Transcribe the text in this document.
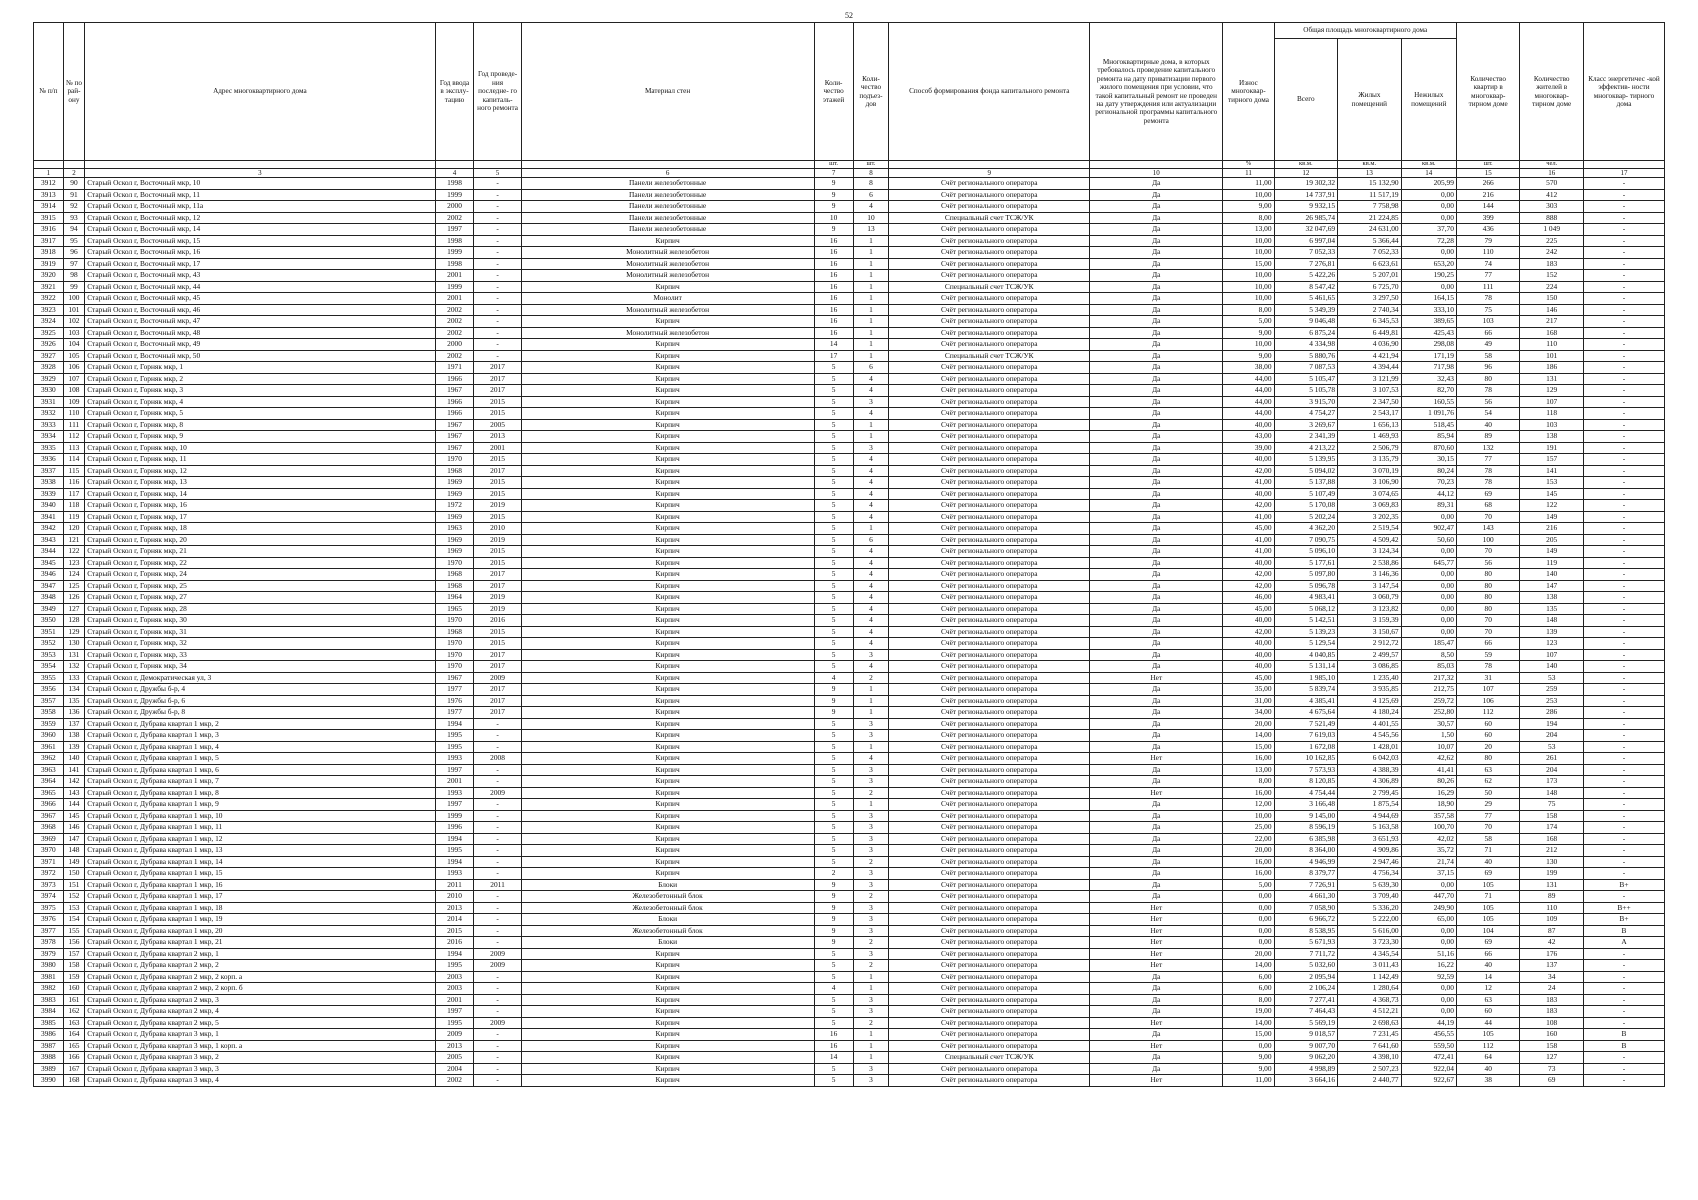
52
№ п/п	№ по рай- ону	Адрес многоквартирного дома	Год ввода в эксплу- тацию	Год проведе- ния последне- го капиталь- ного ремонта	Материал стен	Коли- чество этажей	Коли- чество подъез- дов	Способ формирования фонда капитального ремонта	Многоквартирные дома, в которых требовалось проведение капитального ремонта на дату приватизации первого жилого помещения при условии, что такой капитальный ремонт не проведен на дату утверждения или актуализации региональной программы капитального ремонта	Износ многоквар- тирного дома	Общая площадь многоквартирного дома			Количество квартир в многоквар- тирном доме	Количество жителей в многоквар- тирном доме	Класс энергетичес -кой эффектив- ности многоквар- тирного дома
											Всего	Жилых помещений	Нежилых помещений			
						шт.	шт.			%	кв.м.	кв.м.	кв.м.	шт.	чел.	
1	2	3	4	5	6	7	8	9	10	11	12	13	14	15	16	17
3912	90	Старый Оскол г, Восточный мкр, 10	1998	-	Панели железобетонные	9	8	Счёт регионального оператора	Да	11,00	19 302,32	15 132,90	205,99	266	570	-
3913	91	Старый Оскол г, Восточный мкр, 11	1999	-	Панели железобетонные	9	6	Счёт регионального оператора	Да	10,00	14 737,91	11 517,19	0,00	216	412	-
3914	92	Старый Оскол г, Восточный мкр, 11а	2000	-	Панели железобетонные	9	4	Счёт регионального оператора	Да	9,00	9 932,15	7 758,98	0,00	144	303	-
3915	93	Старый Оскол г, Восточный мкр, 12	2002	-	Панели железобетонные	10	10	Специальный счет ТСЖ/УК	Да	8,00	26 985,74	21 224,85	0,00	399	888	-
3916	94	Старый Оскол г, Восточный мкр, 14	1997	-	Панели железобетонные	9	13	Счёт регионального оператора	Да	13,00	32 047,69	24 631,00	37,70	436	1 049	-
3917	95	Старый Оскол г, Восточный мкр, 15	1998	-	Кирпич	16	1	Счёт регионального оператора	Да	10,00	6 997,04	5 366,44	72,28	79	225	-
3918	96	Старый Оскол г, Восточный мкр, 16	1999	-	Монолитный железобетон	16	1	Счёт регионального оператора	Да	10,00	7 052,33	7 052,33	0,00	110	242	-
3919	97	Старый Оскол г, Восточный мкр, 17	1998	-	Монолитный железобетон	16	1	Счёт регионального оператора	Да	15,00	7 276,81	6 623,61	653,20	74	183	-
3920	98	Старый Оскол г, Восточный мкр, 43	2001	-	Монолитный железобетон	16	1	Счёт регионального оператора	Да	10,00	5 422,26	5 207,01	190,25	77	152	-
3921	99	Старый Оскол г, Восточный мкр, 44	1999	-	Кирпич	16	1	Специальный счет ТСЖ/УК	Да	10,00	8 547,42	6 725,70	0,00	111	224	-
3922	100	Старый Оскол г, Восточный мкр, 45	2001	-	Монолит	16	1	Счёт регионального оператора	Да	10,00	5 461,65	3 297,50	164,15	78	150	-
3923	101	Старый Оскол г, Восточный мкр, 46	2002	-	Монолитный железобетон	16	1	Счёт регионального оператора	Да	8,00	5 349,39	2 740,34	333,10	75	146	-
3924	102	Старый Оскол г, Восточный мкр, 47	2002	-	Кирпич	16	1	Счёт регионального оператора	Да	5,00	9 046,48	6 345,53	389,65	103	217	-
3925	103	Старый Оскол г, Восточный мкр, 48	2002	-	Монолитный железобетон	16	1	Счёт регионального оператора	Да	9,00	6 875,24	6 449,81	425,43	66	168	-
3926	104	Старый Оскол г, Восточный мкр, 49	2000	-	Кирпич	14	1	Счёт регионального оператора	Да	10,00	4 334,98	4 036,90	298,08	49	110	-
3927	105	Старый Оскол г, Восточный мкр, 50	2002	-	Кирпич	17	1	Специальный счет ТСЖ/УК	Да	9,00	5 880,76	4 421,94	171,19	58	101	-
3928	106	Старый Оскол г, Горняк мкр, 1	1971	2017	Кирпич	5	6	Счёт регионального оператора	Да	38,00	7 087,53	4 394,44	717,98	96	186	-
3929	107	Старый Оскол г, Горняк мкр, 2	1966	2017	Кирпич	5	4	Счёт регионального оператора	Да	44,00	5 105,47	3 121,99	32,43	80	131	-
3930	108	Старый Оскол г, Горняк мкр, 3	1967	2017	Кирпич	5	4	Счёт регионального оператора	Да	44,00	5 105,78	3 107,53	82,70	78	129	-
3931	109	Старый Оскол г, Горняк мкр, 4	1966	2015	Кирпич	5	3	Счёт регионального оператора	Да	44,00	3 915,70	2 347,50	160,55	56	107	-
3932	110	Старый Оскол г, Горняк мкр, 5	1966	2015	Кирпич	5	4	Счёт регионального оператора	Да	44,00	4 754,27	2 543,17	1 091,76	54	118	-
3933	111	Старый Оскол г, Горняк мкр, 8	1967	2005	Кирпич	5	1	Счёт регионального оператора	Да	40,00	3 269,67	1 656,13	518,45	40	103	-
3934	112	Старый Оскол г, Горняк мкр, 9	1967	2013	Кирпич	5	1	Счёт регионального оператора	Да	43,00	2 341,39	1 469,93	85,94	89	138	-
3935	113	Старый Оскол г, Горняк мкр, 10	1967	2001	Кирпич	5	3	Счёт регионального оператора	Да	39,00	4 213,22	2 506,79	870,60	132	191	-
3936	114	Старый Оскол г, Горняк мкр, 11	1970	2015	Кирпич	5	4	Счёт регионального оператора	Да	40,00	5 139,95	3 135,79	30,15	77	157	-
3937	115	Старый Оскол г, Горняк мкр, 12	1968	2017	Кирпич	5	4	Счёт регионального оператора	Да	42,00	5 094,02	3 070,19	80,24	78	141	-
3938	116	Старый Оскол г, Горняк мкр, 13	1969	2015	Кирпич	5	4	Счёт регионального оператора	Да	41,00	5 137,88	3 106,90	70,23	78	153	-
3939	117	Старый Оскол г, Горняк мкр, 14	1969	2015	Кирпич	5	4	Счёт регионального оператора	Да	40,00	5 107,49	3 074,65	44,12	69	145	-
3940	118	Старый Оскол г, Горняк мкр, 16	1972	2019	Кирпич	5	4	Счёт регионального оператора	Да	42,00	5 170,08	3 069,83	89,31	68	122	-
3941	119	Старый Оскол г, Горняк мкр, 17	1969	2015	Кирпич	5	4	Счёт регионального оператора	Да	41,00	5 202,24	3 202,35	0,00	70	149	-
3942	120	Старый Оскол г, Горняк мкр, 18	1963	2010	Кирпич	5	1	Счёт регионального оператора	Да	45,00	4 362,20	2 519,54	902,47	143	216	-
3943	121	Старый Оскол г, Горняк мкр, 20	1969	2019	Кирпич	5	6	Счёт регионального оператора	Да	41,00	7 090,75	4 509,42	50,60	100	205	-
3944	122	Старый Оскол г, Горняк мкр, 21	1969	2015	Кирпич	5	4	Счёт регионального оператора	Да	41,00	5 096,10	3 124,34	0,00	70	149	-
3945	123	Старый Оскол г, Горняк мкр, 22	1970	2015	Кирпич	5	4	Счёт регионального оператора	Да	40,00	5 177,61	2 538,86	645,77	56	119	-
3946	124	Старый Оскол г, Горняк мкр, 24	1968	2017	Кирпич	5	4	Счёт регионального оператора	Да	42,00	5 097,80	3 146,36	0,00	80	140	-
3947	125	Старый Оскол г, Горняк мкр, 25	1968	2017	Кирпич	5	4	Счёт регионального оператора	Да	42,00	5 096,78	3 147,54	0,00	80	147	-
3948	126	Старый Оскол г, Горняк мкр, 27	1964	2019	Кирпич	5	4	Счёт регионального оператора	Да	46,00	4 983,41	3 060,79	0,00	80	138	-
3949	127	Старый Оскол г, Горняк мкр, 28	1965	2019	Кирпич	5	4	Счёт регионального оператора	Да	45,00	5 068,12	3 123,82	0,00	80	135	-
3950	128	Старый Оскол г, Горняк мкр, 30	1970	2016	Кирпич	5	4	Счёт регионального оператора	Да	40,00	5 142,51	3 159,39	0,00	70	148	-
3951	129	Старый Оскол г, Горняк мкр, 31	1968	2015	Кирпич	5	4	Счёт регионального оператора	Да	42,00	5 139,23	3 150,67	0,00	70	139	-
3952	130	Старый Оскол г, Горняк мкр, 32	1970	2015	Кирпич	5	4	Счёт регионального оператора	Да	40,00	5 129,54	2 912,72	185,47	66	123	-
3953	131	Старый Оскол г, Горняк мкр, 33	1970	2017	Кирпич	5	3	Счёт регионального оператора	Да	40,00	4 040,85	2 499,57	8,50	59	107	-
3954	132	Старый Оскол г, Горняк мкр, 34	1970	2017	Кирпич	5	4	Счёт регионального оператора	Да	40,00	5 131,14	3 086,85	85,03	78	140	-
3955	133	Старый Оскол г, Демократическая ул, 3	1967	2009	Кирпич	4	2	Счёт регионального оператора	Нет	45,00	1 985,10	1 235,40	217,32	31	53	-
3956	134	Старый Оскол г, Дружбы б-р, 4	1977	2017	Кирпич	9	1	Счёт регионального оператора	Да	35,00	5 839,74	3 935,85	212,75	107	259	-
3957	135	Старый Оскол г, Дружбы б-р, 6	1976	2017	Кирпич	9	1	Счёт регионального оператора	Да	31,00	4 385,41	4 125,69	259,72	106	253	-
3958	136	Старый Оскол г, Дружбы б-р, 8	1977	2017	Кирпич	9	1	Счёт регионального оператора	Да	34,00	4 675,64	4 180,24	252,80	112	286	-
3959	137	Старый Оскол г, Дубрава квартал 1 мкр, 2	1994	-	Кирпич	5	3	Счёт регионального оператора	Да	20,00	7 521,49	4 401,55	30,57	60	194	-
3960	138	Старый Оскол г, Дубрава квартал 1 мкр, 3	1995	-	Кирпич	5	3	Счёт регионального оператора	Да	14,00	7 619,03	4 545,56	1,50	60	204	-
3961	139	Старый Оскол г, Дубрава квартал 1 мкр, 4	1995	-	Кирпич	5	1	Счёт регионального оператора	Да	15,00	1 672,08	1 428,01	10,07	20	53	-
3962	140	Старый Оскол г, Дубрава квартал 1 мкр, 5	1993	2008	Кирпич	5	4	Счёт регионального оператора	Нет	16,00	10 162,85	6 042,03	42,62	80	261	-
3963	141	Старый Оскол г, Дубрава квартал 1 мкр, 6	1997	-	Кирпич	5	3	Счёт регионального оператора	Да	13,00	7 573,93	4 388,39	41,41	63	204	-
3964	142	Старый Оскол г, Дубрава квартал 1 мкр, 7	2001	-	Кирпич	5	3	Счёт регионального оператора	Да	8,00	8 120,85	4 306,89	80,26	62	173	-
3965	143	Старый Оскол г, Дубрава квартал 1 мкр, 8	1993	2009	Кирпич	5	2	Счёт регионального оператора	Нет	16,00	4 754,44	2 799,45	16,29	50	148	-
3966	144	Старый Оскол г, Дубрава квартал 1 мкр, 9	1997	-	Кирпич	5	1	Счёт регионального оператора	Да	12,00	3 166,48	1 875,54	18,90	29	75	-
3967	145	Старый Оскол г, Дубрава квартал 1 мкр, 10	1999	-	Кирпич	5	3	Счёт регионального оператора	Да	10,00	9 145,00	4 944,69	357,58	77	158	-
3968	146	Старый Оскол г, Дубрава квартал 1 мкр, 11	1996	-	Кирпич	5	3	Счёт регионального оператора	Да	25,00	8 596,19	5 163,58	100,70	70	174	-
3969	147	Старый Оскол г, Дубрава квартал 1 мкр, 12	1994	-	Кирпич	5	3	Счёт регионального оператора	Да	22,00	6 385,98	3 651,93	42,02	58	168	-
3970	148	Старый Оскол г, Дубрава квартал 1 мкр, 13	1995	-	Кирпич	5	3	Счёт регионального оператора	Да	20,00	8 364,00	4 909,86	35,72	71	212	-
3971	149	Старый Оскол г, Дубрава квартал 1 мкр, 14	1994	-	Кирпич	5	2	Счёт регионального оператора	Да	16,00	4 946,99	2 947,46	21,74	40	130	-
3972	150	Старый Оскол г, Дубрава квартал 1 мкр, 15	1993	-	Кирпич	2	3	Счёт регионального оператора	Да	16,00	8 379,77	4 756,34	37,15	69	199	-
3973	151	Старый Оскол г, Дубрава квартал 1 мкр, 16	2011	2011	Блоки	9	3	Счёт регионального оператора	Да	5,00	7 726,91	5 639,30	0,00	105	131	B+
3974	152	Старый Оскол г, Дубрава квартал 1 мкр, 17	2010	-	Железобетонный блок	9	2	Счёт регионального оператора	Да	0,00	4 661,30	3 709,40	447,70	71	89	-
3975	153	Старый Оскол г, Дубрава квартал 1 мкр, 18	2013	-	Железобетонный блок	9	3	Счёт регионального оператора	Нет	0,00	7 058,90	5 336,20	249,90	105	110	B++
3976	154	Старый Оскол г, Дубрава квартал 1 мкр, 19	2014	-	Блоки	9	3	Счёт регионального оператора	Нет	0,00	6 966,72	5 222,00	65,00	105	109	B+
3977	155	Старый Оскол г, Дубрава квартал 1 мкр, 20	2015	-	Железобетонный блок	9	3	Счёт регионального оператора	Нет	0,00	8 538,95	5 616,00	0,00	104	87	B
3978	156	Старый Оскол г, Дубрава квартал 1 мкр, 21	2016	-	Блоки	9	2	Счёт регионального оператора	Нет	0,00	5 671,93	3 723,30	0,00	69	42	A
3979	157	Старый Оскол г, Дубрава квартал 2 мкр, 1	1994	2009	Кирпич	5	3	Счёт регионального оператора	Нет	20,00	7 711,72	4 345,54	51,16	66	176	-
3980	158	Старый Оскол г, Дубрава квартал 2 мкр, 2	1995	2009	Кирпич	5	2	Счёт регионального оператора	Нет	14,00	5 032,60	3 011,43	16,22	40	137	-
3981	159	Старый Оскол г, Дубрава квартал 2 мкр, 2 корп. а	2003	-	Кирпич	5	1	Счёт регионального оператора	Да	6,00	2 095,94	1 142,49	92,59	14	34	-
3982	160	Старый Оскол г, Дубрава квартал 2 мкр, 2 корп. б	2003	-	Кирпич	4	1	Счёт регионального оператора	Да	6,00	2 106,24	1 280,64	0,00	12	24	-
3983	161	Старый Оскол г, Дубрава квартал 2 мкр, 3	2001	-	Кирпич	5	3	Счёт регионального оператора	Да	8,00	7 277,41	4 368,73	0,00	63	183	-
3984	162	Старый Оскол г, Дубрава квартал 2 мкр, 4	1997	-	Кирпич	5	3	Счёт регионального оператора	Да	19,00	7 464,43	4 512,21	0,00	60	183	-
3985	163	Старый Оскол г, Дубрава квартал 2 мкр, 5	1995	2009	Кирпич	5	2	Счёт регионального оператора	Нет	14,00	5 569,19	2 698,63	44,19	44	108	-
3986	164	Старый Оскол г, Дубрава квартал 3 мкр, 1	2009	-	Кирпич	16	1	Счёт регионального оператора	Да	15,00	9 018,57	7 231,45	456,55	105	160	B
3987	165	Старый Оскол г, Дубрава квартал 3 мкр, 1 корп. а	2013	-	Кирпич	16	1	Счёт регионального оператора	Нет	0,00	9 007,70	7 641,60	559,50	112	158	B
3988	166	Старый Оскол г, Дубрава квартал 3 мкр, 2	2005	-	Кирпич	14	1	Специальный счет ТСЖ/УК	Да	9,00	9 062,20	4 398,10	472,41	64	127	-
3989	167	Старый Оскол г, Дубрава квартал 3 мкр, 3	2004	-	Кирпич	5	3	Счёт регионального оператора	Да	9,00	4 998,89	2 507,23	922,04	40	73	-
3990	168	Старый Оскол г, Дубрава квартал 3 мкр, 4	2002	-	Кирпич	5	3	Счёт регионального оператора	Нет	11,00	3 664,16	2 440,77	922,67	38	69	-
